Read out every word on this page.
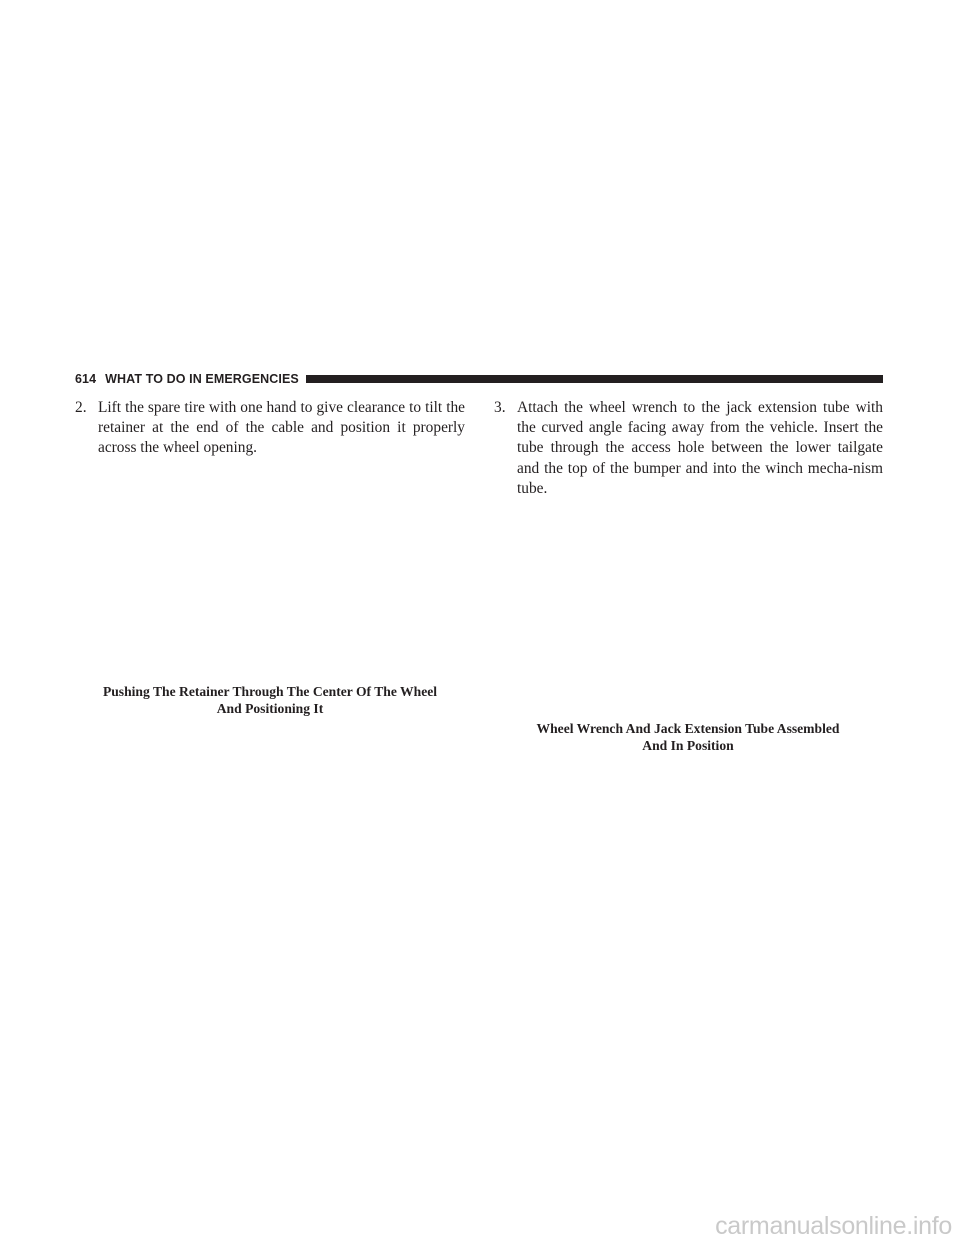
614 WHAT TO DO IN EMERGENCIES

2. Lift the spare tire with one hand to give clearance to tilt the retainer at the end of the cable and position it properly across the wheel opening.

Pushing The Retainer Through The Center Of The Wheel
And Positioning It

3. Attach the wheel wrench to the jack extension tube with the curved angle facing away from the vehicle. Insert the tube through the access hole between the lower tailgate and the top of the bumper and into the winch mecha-nism tube.

Wheel Wrench And Jack Extension Tube Assembled
And In Position
carmanualsonline.info
